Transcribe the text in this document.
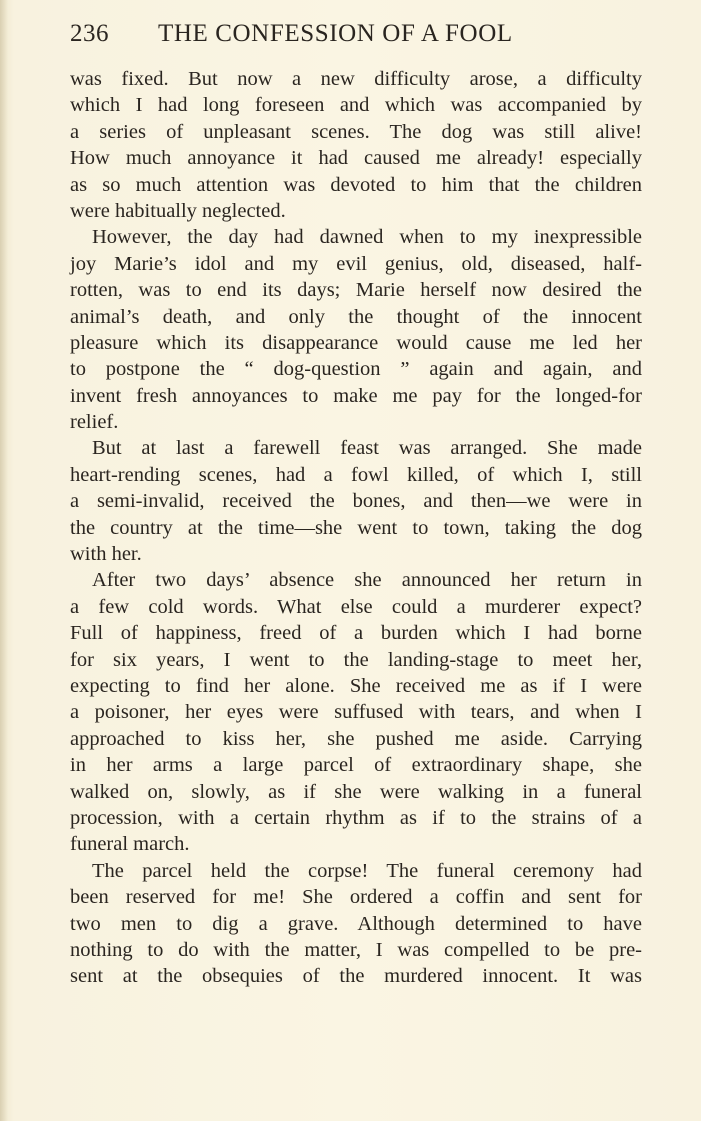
236 THE CONFESSION OF A FOOL
was fixed. But now a new difficulty arose, a difficulty
which I had long foreseen and which was accompanied by
a series of unpleasant scenes. The dog was still alive!
How much annoyance it had caused me already! especially
as so much attention was devoted to him that the children
were habitually neglected.
However, the day had dawned when to my inexpressible
joy Marie’s idol and my evil genius, old, diseased, half-
rotten, was to end its days; Marie herself now desired the
animal’s death, and only the thought of the innocent
pleasure which its disappearance would cause me led her
to postpone the “ dog-question ” again and again, and
invent fresh annoyances to make me pay for the longed-for
relief.
But at last a farewell feast was arranged. She made
heart-rending scenes, had a fowl killed, of which I, still
a semi-invalid, received the bones, and then—we were in
the country at the time—she went to town, taking the dog
with her.
After two days’ absence she announced her return in
a few cold words. What else could a murderer expect?
Full of happiness, freed of a burden which I had borne
for six years, I went to the landing-stage to meet her,
expecting to find her alone. She received me as if I were
a poisoner, her eyes were suffused with tears, and when I
approached to kiss her, she pushed me aside. Carrying
in her arms a large parcel of extraordinary shape, she
walked on, slowly, as if she were walking in a funeral
procession, with a certain rhythm as if to the strains of a
funeral march.
The parcel held the corpse! The funeral ceremony had
been reserved for me! She ordered a coffin and sent for
two men to dig a grave. Although determined to have
nothing to do with the matter, I was compelled to be pre-
sent at the obsequies of the murdered innocent. It was
